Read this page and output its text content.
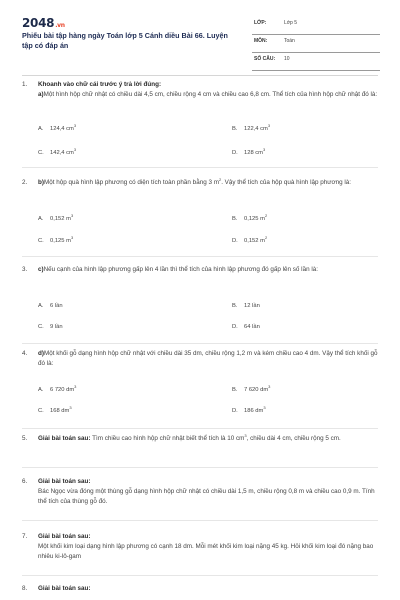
2048.vn
Phiếu bài tập hàng ngày Toán lớp 5 Cánh diều Bài 66. Luyện tập có đáp án
LỚP:	Lớp 5
MÔN:	Toán
SỐ CÂU: 10
1.	Khoanh vào chữ cái trước ý trả lời đúng:
a)Một hình hộp chữ nhật có chiều dài 4,5 cm, chiều rộng 4 cm và chiều cao 6,8 cm. Thể tích của hình hộp chữ nhật đó là:
A. 124,4 $cm^3$
B. 122,4 $cm^3$
C. 142,4 $cm^3$
D. 128 $cm^3$
2.	b)Một hộp quà hình lập phương có diện tích toàn phần bằng 3 $m^2$. Vậy thể tích của hộp quà hình lập phương là:
A. 0,152 $m^3$
B. 0,125 $m^2$
C. 0,125 $m^3$
D. 0,152 $m^2$
3.	c)Nếu cạnh của hình lập phương gấp lên 4 lần thì thể tích của hình lập phương đó gấp lên số lần là:
A. 6 lần	B. 12 lần
C. 9 lần	D. 64 lần
4.	d)Một khối gỗ dạng hình hộp chữ nhật với chiều dài 35 dm, chiều rộng 1,2 m và kém chiều cao 4 dm. Vậy thể tích khối gỗ đó là:
A. 6 720 $dm^3$
B. 7 620 $dm^3$
C. 168 $dm^3$
D. 186 $dm^3$
5.	Giải bài toán sau: Tìm chiều cao hình hộp chữ nhật biết thể tích là 10 $cm^3$, chiều dài 4 cm, chiều rộng 5 cm.
6.	Giải bài toán sau:
Bác Ngọc vừa đóng một thùng gỗ dạng hình hộp chữ nhật có chiều dài 1,5 m, chiều rộng 0,8 m và chiều cao 0,9 m. Tính thể tích của thùng gỗ đó.
7.	Giải bài toán sau:
Một khối kim loại dạng hình lập phương có cạnh 18 dm. Mỗi mét khối kim loại nặng 45 kg. Hỏi khối kim loại đó nặng bao nhiêu ki-lô-gam
8.	Giải bài toán sau:
